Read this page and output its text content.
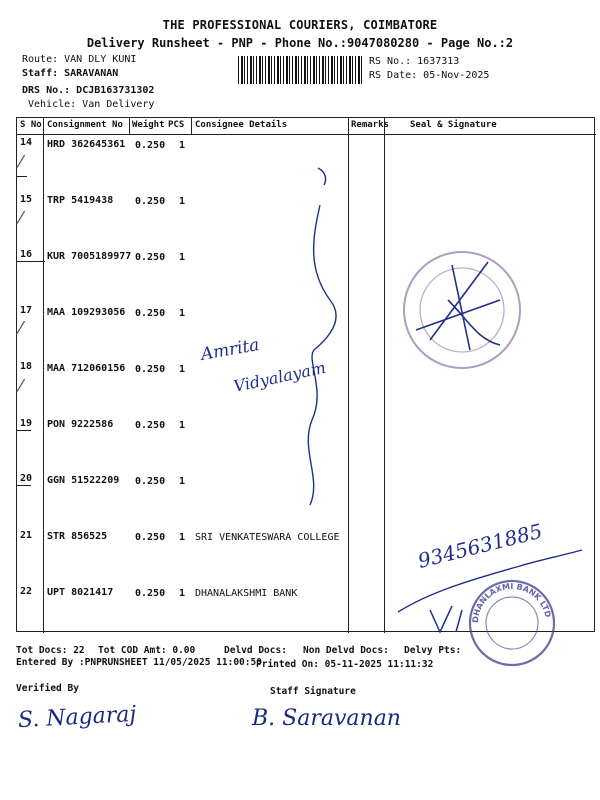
THE PROFESSIONAL COURIERS, COIMBATORE
Delivery Runsheet - PNP - Phone No.:9047080280 - Page No.:2
Route: VAN DLY KUNI
Staff: SARAVANAN
DRS No.: DCJB163731302
Vehicle: Van Delivery
RS No.: 1637313
RS Date: 05-Nov-2025
S No Consignment No Weight PCS Consignee Details	Remarks Seal & Signature
14 HRD 362645361 0.250 1
⁄
15 TRP 5419438 0.250 1
⁄
16 KUR 7005189977 0.250 1
17 MAA 109293056 0.250 1
⁄
18 MAA 712060156 0.250 1
⁄
19 PON 9222586 0.250 1
20 GGN 51522209 0.250 1
21 STR 856525	0.250 1 SRI VENKATESWARA COLLEGE
22 UPT 8021417 0.250 1 DHANALAKSHMI BANK
Amrita
Vidyalayam
9345631885
DHANLAXMI BANK LTD
Tot Docs: 22 Tot COD Amt: 0.00	Delvd Docs: Non Delvd Docs: Delvy Pts:
Entered By :PNPRUNSHEET 11/05/2025 11:00:50
Printed On: 05-11-2025 11:11:32
Verified By	Staff Signature
S. Nagaraj	B. Saravanan
